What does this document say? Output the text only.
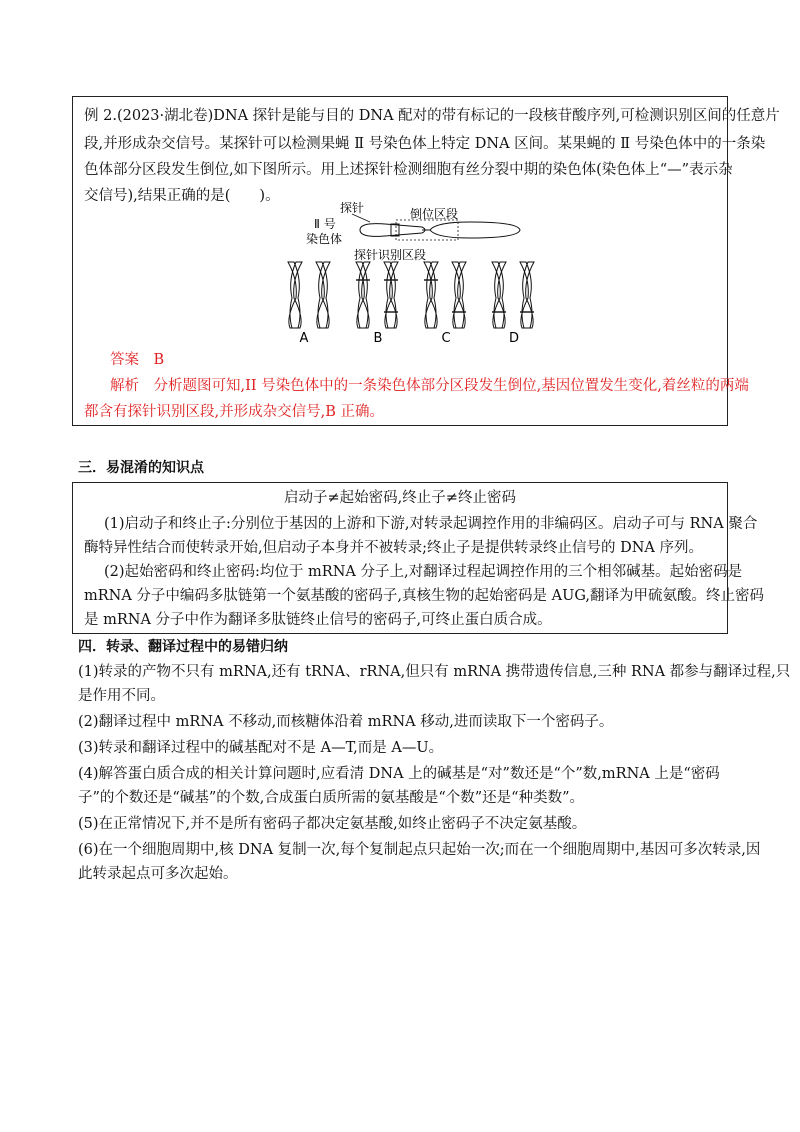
例 2.(2023·湖北卷)DNA 探针是能与目的 DNA 配对的带有标记的一段核苷酸序列,可检测识别区间的任意片
段,并形成杂交信号。某探针可以检测果蝇 Ⅱ 号染色体上特定 DNA 区间。某果蝇的 Ⅱ 号染色体中的一条染
色体部分区段发生倒位,如下图所示。用上述探针检测细胞有丝分裂中期的染色体(染色体上“—”表示杂
交信号),结果正确的是(　　)。
探针	倒位区段
Ⅱ 号
染色体
探针识别区段
A	B	C	D
答案　B
解析　分析题图可知,II 号染色体中的一条染色体部分区段发生倒位,基因位置发生变化,着丝粒的两端
都含有探针识别区段,并形成杂交信号,B 正确。
三．易混淆的知识点
启动子≠起始密码,终止子≠终止密码
(1)启动子和终止子:分别位于基因的上游和下游,对转录起调控作用的非编码区。启动子可与 RNA 聚合
酶特异性结合而使转录开始,但启动子本身并不被转录;终止子是提供转录终止信号的 DNA 序列。
(2)起始密码和终止密码:均位于 mRNA 分子上,对翻译过程起调控作用的三个相邻碱基。起始密码是
mRNA 分子中编码多肽链第一个氨基酸的密码子,真核生物的起始密码是 AUG,翻译为甲硫氨酸。终止密码
是 mRNA 分子中作为翻译多肽链终止信号的密码子,可终止蛋白质合成。
四．转录、翻译过程中的易错归纳
(1)转录的产物不只有 mRNA,还有 tRNA、rRNA,但只有 mRNA 携带遗传信息,三种 RNA 都参与翻译过程,只
是作用不同。
(2)翻译过程中 mRNA 不移动,而核糖体沿着 mRNA 移动,进而读取下一个密码子。
(3)转录和翻译过程中的碱基配对不是 A—T,而是 A—U。
(4)解答蛋白质合成的相关计算问题时,应看清 DNA 上的碱基是“对”数还是“个”数,mRNA 上是“密码
子”的个数还是“碱基”的个数,合成蛋白质所需的氨基酸是“个数”还是“种类数”。
(5)在正常情况下,并不是所有密码子都决定氨基酸,如终止密码子不决定氨基酸。
(6)在一个细胞周期中,核 DNA 复制一次,每个复制起点只起始一次;而在一个细胞周期中,基因可多次转录,因
此转录起点可多次起始。
